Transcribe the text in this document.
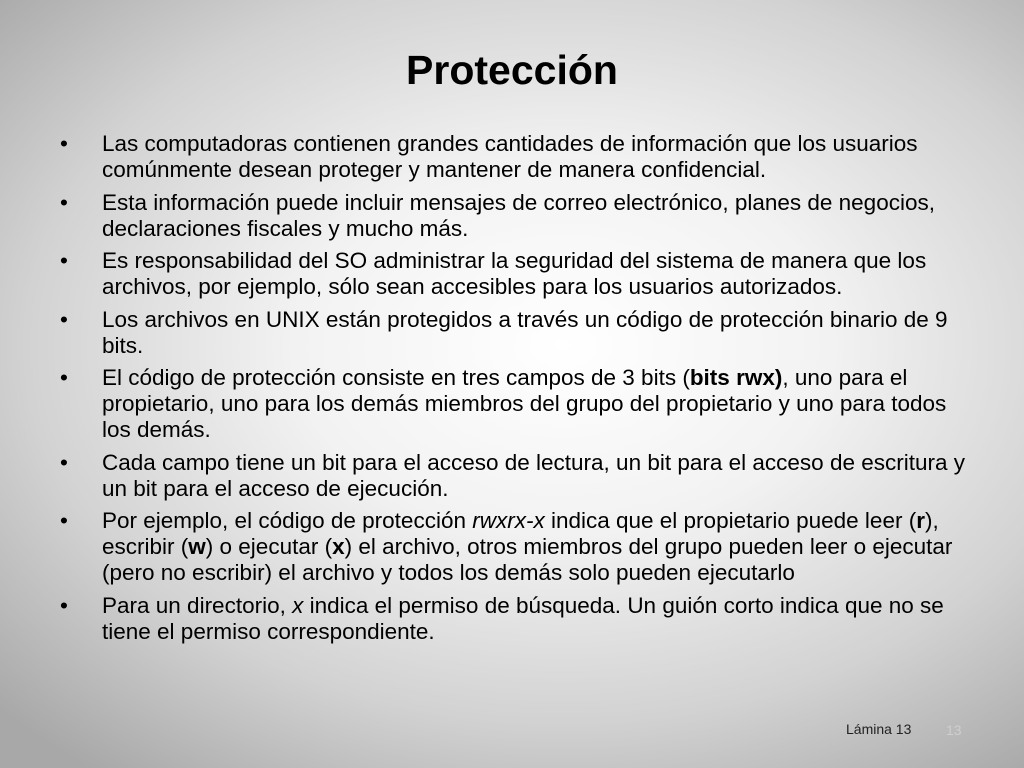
Protección
• Las computadoras contienen grandes cantidades de información que los usuarios comúnmente desean proteger y mantener de manera confidencial.
• Esta información puede incluir mensajes de correo electrónico, planes de negocios, declaraciones fiscales y mucho más.
• Es responsabilidad del SO administrar la seguridad del sistema de manera que los archivos, por ejemplo, sólo sean accesibles para los usuarios autorizados.
• Los archivos en UNIX están protegidos a través un código de protección binario de 9 bits.
• El código de protección consiste en tres campos de 3 bits (bits rwx), uno para el propietario, uno para los demás miembros del grupo del propietario y uno para todos los demás.
• Cada campo tiene un bit para el acceso de lectura, un bit para el acceso de escritura y un bit para el acceso de ejecución.
• Por ejemplo, el código de protección rwxrx-x indica que el propietario puede leer (r), escribir (w) o ejecutar (x) el archivo, otros miembros del grupo pueden leer o ejecutar (pero no escribir) el archivo y todos los demás solo pueden ejecutarlo
• Para un directorio, x indica el permiso de búsqueda. Un guión corto indica que no se tiene el permiso correspondiente.
Lámina 13 13
